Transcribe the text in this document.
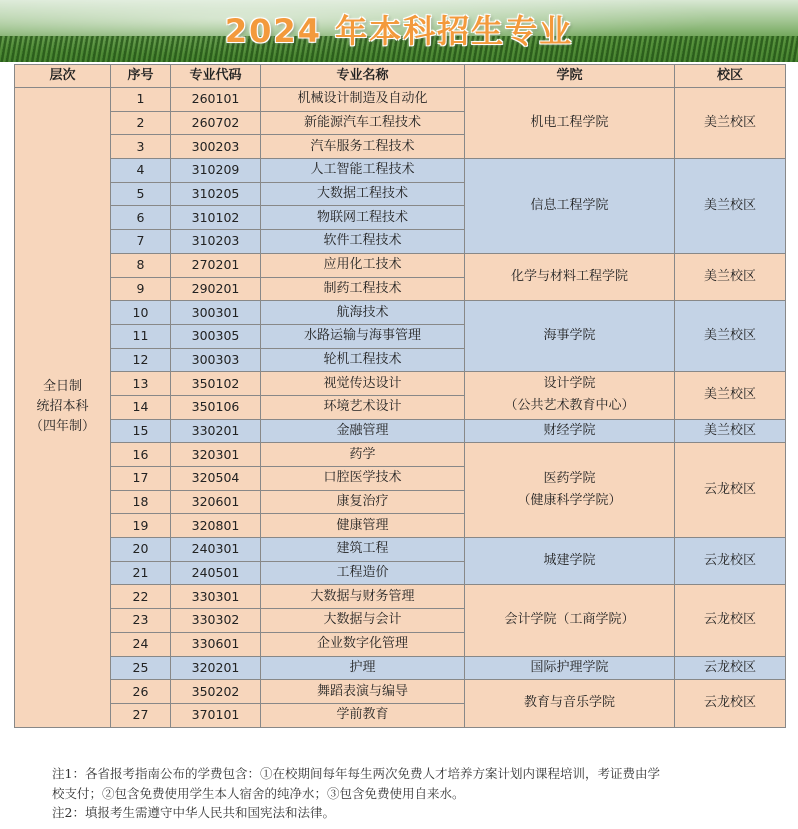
2024 年本科招生专业
层次	序号	专业代码	专业名称	学院	校区

全日制
统招本科
（四年制）	1	260101	机械设计制造及自动化	机电工程学院	美兰校区
	2	260702	新能源汽车工程技术		
	3	300203	汽车服务工程技术		
	4	310209	人工智能工程技术	信息工程学院	美兰校区
	5	310205	大数据工程技术		
	6	310102	物联网工程技术		
	7	310203	软件工程技术		
	8	270201	应用化工技术	化学与材料工程学院	美兰校区
	9	290201	制药工程技术		
	10	300301	航海技术	海事学院	美兰校区
	11	300305	水路运输与海事管理		
	12	300303	轮机工程技术		
	13	350102	视觉传达设计	设计学院
（公共艺术教育中心）	美兰校区
	14	350106	环境艺术设计		
	15	330201	金融管理	财经学院	美兰校区
	16	320301	药学	医药学院
（健康科学学院）	云龙校区
	17	320504	口腔医学技术		
	18	320601	康复治疗		
	19	320801	健康管理		
	20	240301	建筑工程	城建学院	云龙校区
	21	240501	工程造价		
	22	330301	大数据与财务管理	会计学院（工商学院）	云龙校区
	23	330302	大数据与会计		
	24	330601	企业数字化管理		
	25	320201	护理	国际护理学院	云龙校区
	26	350202	舞蹈表演与编导	教育与音乐学院	云龙校区
	27	370101	学前教育		

注1：各省报考指南公布的学费包含：①在校期间每年每生两次免费人才培养方案计划内课程培训，考证费由学

校支付；②包含免费使用学生本人宿舍的纯净水；③包含免费使用自来水。

注2：填报考生需遵守中华人民共和国宪法和法律。
